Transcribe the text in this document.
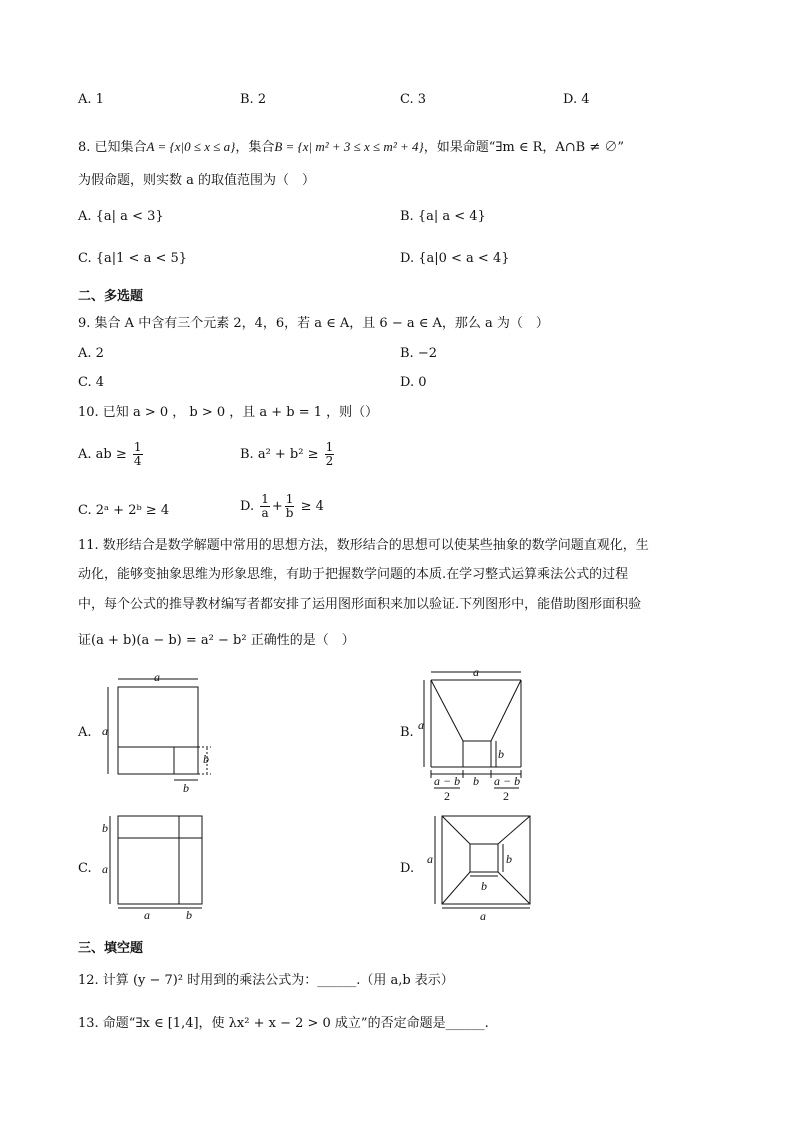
A. 1	B. 2	C. 3	D. 4
8. 已知集合A = {x|0 ≤ x ≤ a}，集合B = {x| m² + 3 ≤ x ≤ m² + 4}，如果命题“∃m ∈ R，A∩B ≠ ∅”
为假命题，则实数 a 的取值范围为（　）
A. {a| a < 3}	B. {a| a < 4}
C. {a|1 < a < 5}	D. {a|0 < a < 4}
二、多选题
9. 集合 A 中含有三个元素 2，4，6，若 a ∈ A，且 6 − a ∈ A，那么 a 为（　）
A. 2	B. −2
C. 4	D. 0
10. 已知 a > 0 ， b > 0 ，且 a + b = 1 ，则（）
A. ab ≥ $\frac{1}{4}$	B. $a^2 + b^2 \ge \frac{1}{2}$
C. 2ᵃ + 2ᵇ ≥ 4	D. $\frac{1}{a} + \frac{1}{b} \ge 4$
11. 数形结合是数学解题中常用的思想方法，数形结合的思想可以使某些抽象的数学问题直观化，生
动化，能够变抽象思维为形象思维，有助于把握数学问题的本质.在学习整式运算乘法公式的过程
中，每个公式的推导教材编写者都安排了运用图形面积来加以验证.下列图形中，能借助图形面积验
证(a + b)(a − b) = a² − b² 正确性的是（　）
A.	B.
C.	D.
a
a
b
b
a
a
b
b
a − b
2
a − b
2
b
a
a	b
a
a
b
b
三、填空题
12. 计算 (y − 7)² 时用到的乘法公式为：______.（用 a,b 表示）
13. 命题“∃x ∈ [1,4]，使 λx² + x − 2 > 0 成立”的否定命题是______.
